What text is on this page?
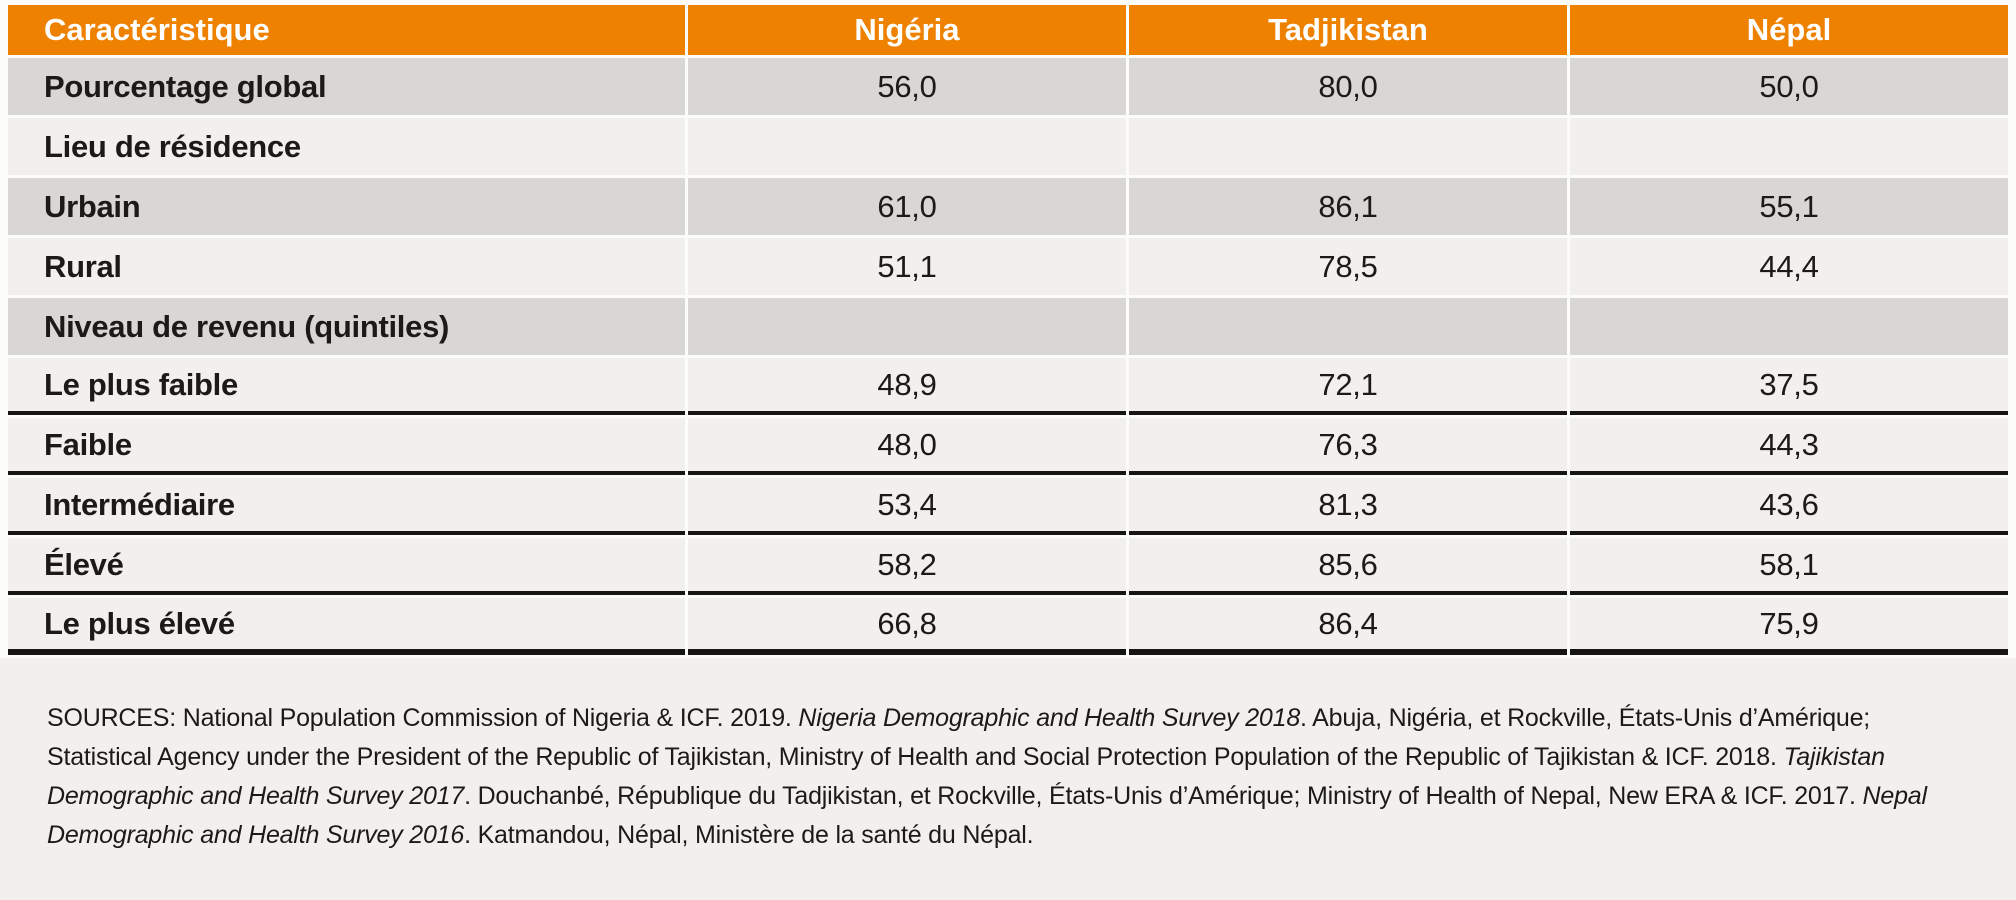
Caractéristique	Nigéria	Tadjikistan	Népal
Pourcentage global	56,0	80,0	50,0
Lieu de résidence			
Urbain	61,0	86,1	55,1
Rural	51,1	78,5	44,4
Niveau de revenu (quintiles)			
Le plus faible	48,9	72,1	37,5
Faible	48,0	76,3	44,3
Intermédiaire	53,4	81,3	43,6
Élevé	58,2	85,6	58,1
Le plus élevé	66,8	86,4	75,9

SOURCES: National Population Commission of Nigeria & ICF. 2019. Nigeria Demographic and Health Survey 2018. Abuja, Nigéria, et Rockville, États-Unis d’Amérique; Statistical Agency under the President of the Republic of Tajikistan, Ministry of Health and Social Protection Population of the Republic of Tajikistan & ICF. 2018. Tajikistan Demographic and Health Survey 2017. Douchanbé, République du Tadjikistan, et Rockville, États-Unis d’Amérique; Ministry of Health of Nepal, New ERA & ICF. 2017. Nepal Demographic and Health Survey 2016. Katmandou, Népal, Ministère de la santé du Népal.
